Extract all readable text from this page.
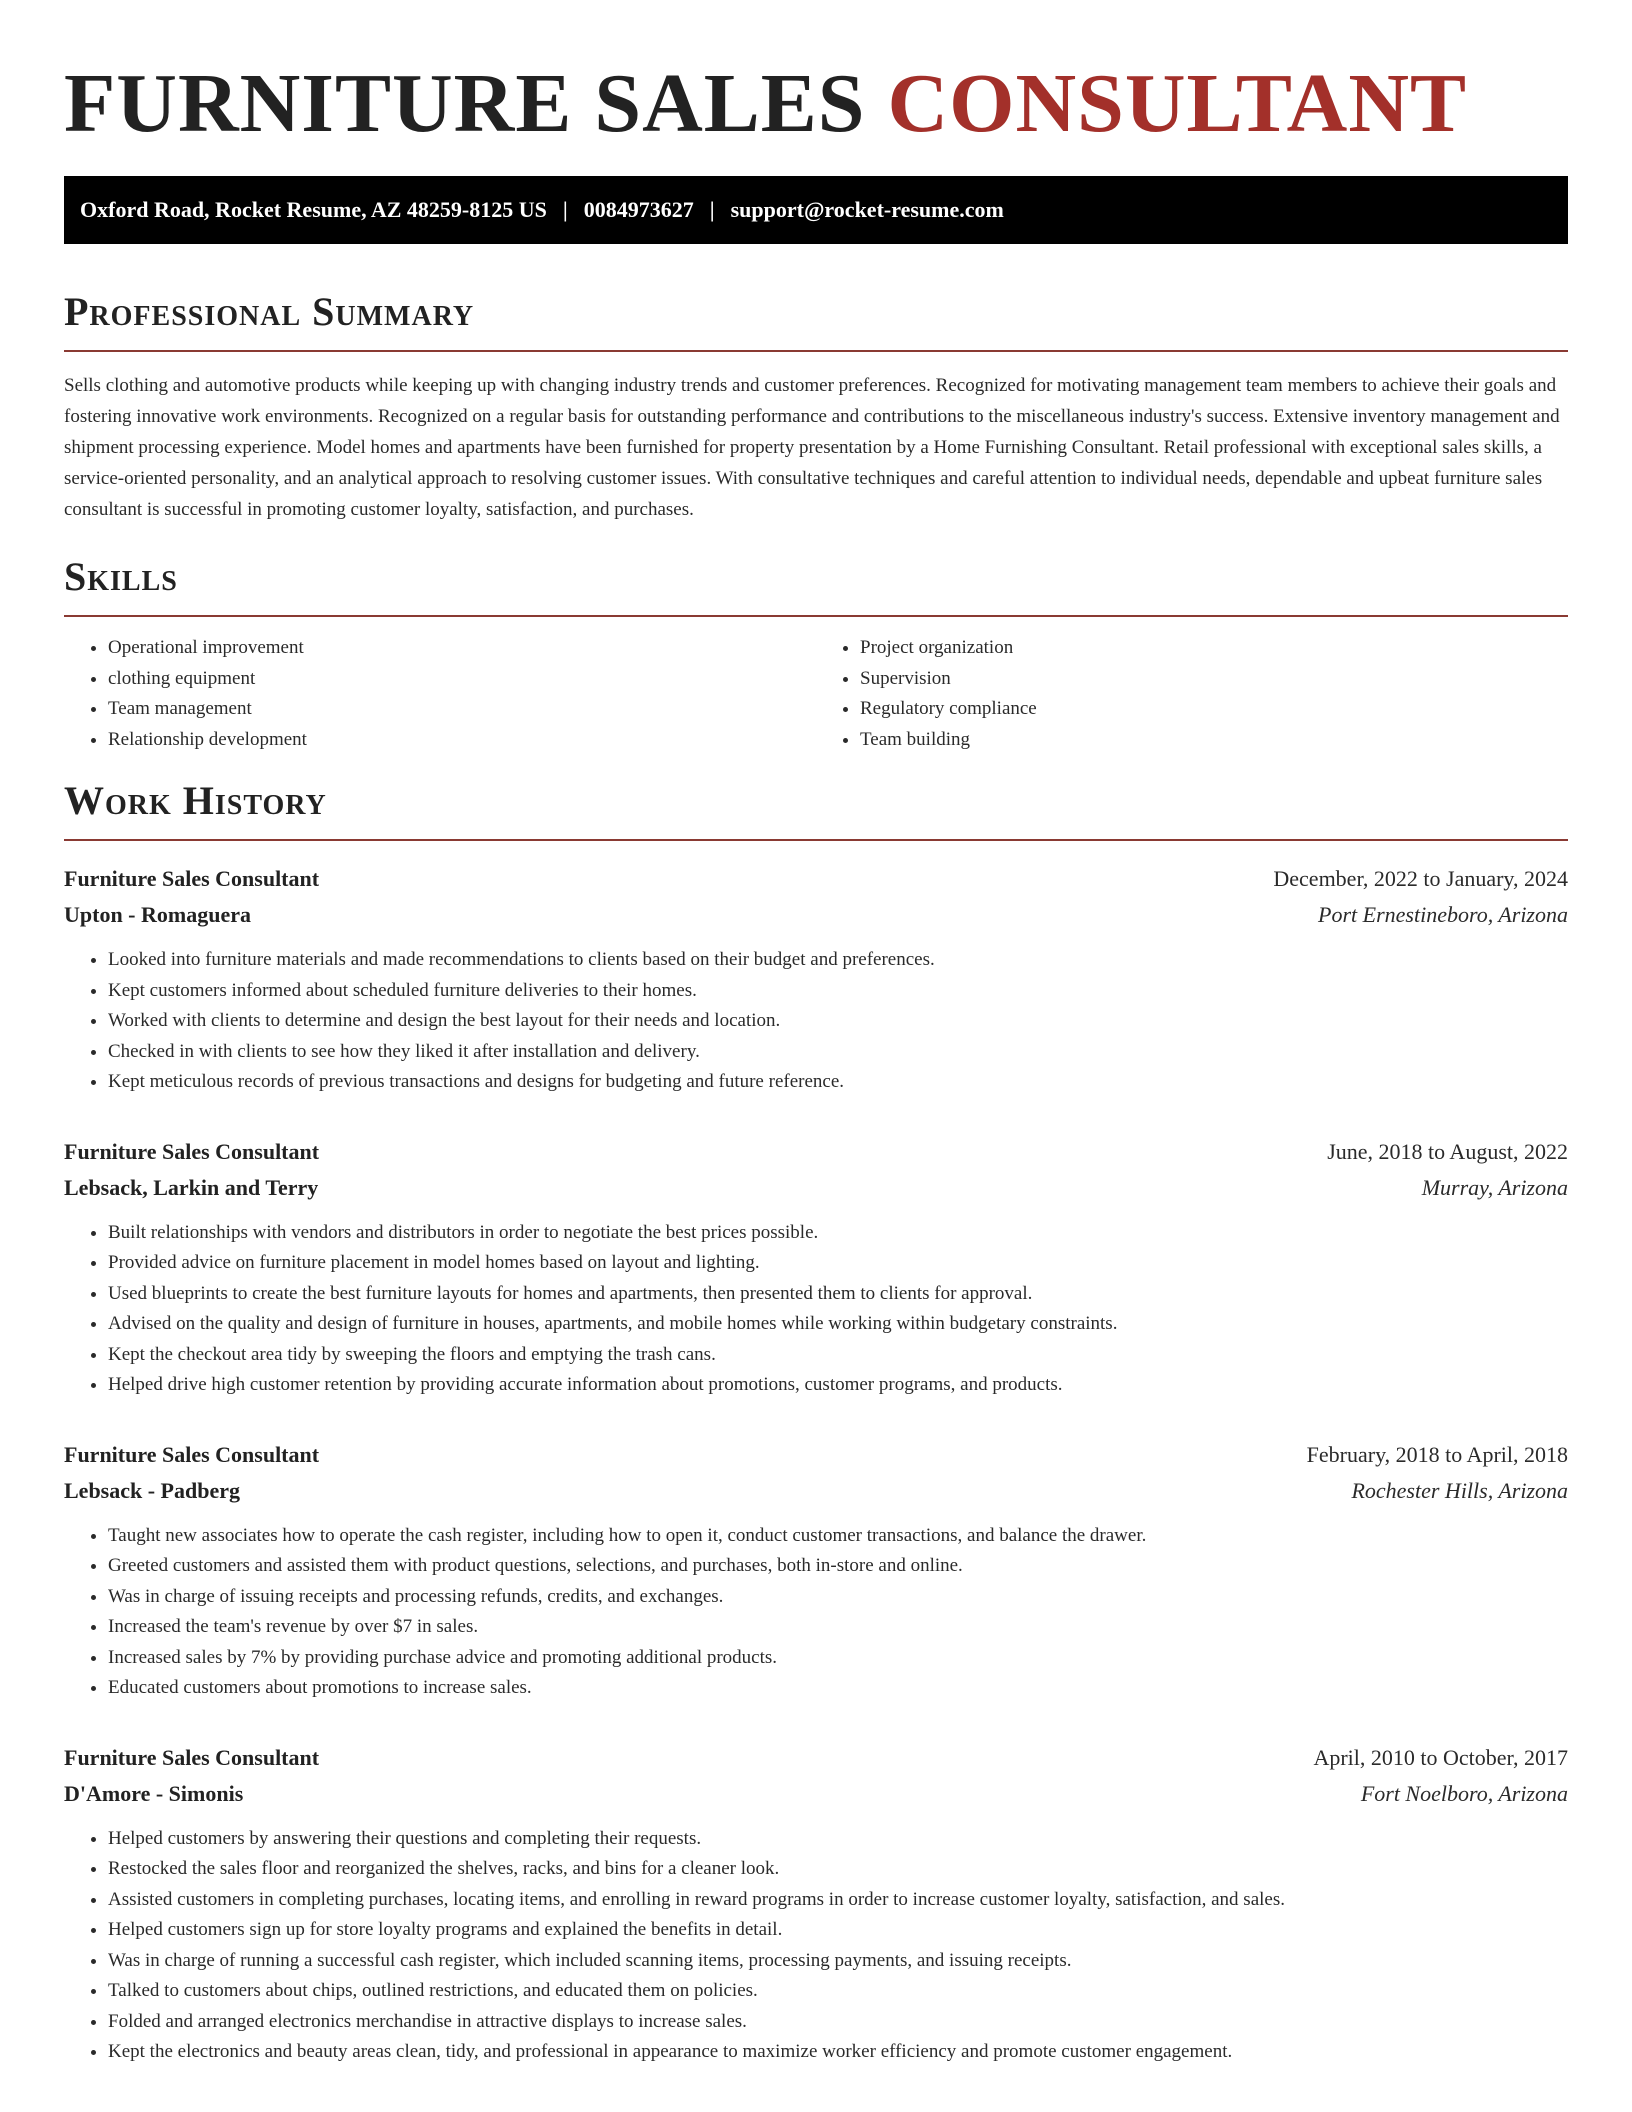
FURNITURE SALES CONSULTANT
Oxford Road, Rocket Resume, AZ 48259-8125 US | 0084973627 | support@rocket-resume.com
Professional Summary

Sells clothing and automotive products while keeping up with changing industry trends and customer preferences. Recognized for motivating management team members to achieve their goals and fostering innovative work environments. Recognized on a regular basis for outstanding performance and contributions to the miscellaneous industry's success. Extensive inventory management and shipment processing experience. Model homes and apartments have been furnished for property presentation by a Home Furnishing Consultant. Retail professional with exceptional sales skills, a service-oriented personality, and an analytical approach to resolving customer issues. With consultative techniques and careful attention to individual needs, dependable and upbeat furniture sales consultant is successful in promoting customer loyalty, satisfaction, and purchases.

Skills
• Operational improvement
• clothing equipment
• Team management
• Relationship development
• Project organization
• Supervision
• Regulatory compliance
• Team building
Work History
Furniture Sales Consultant	December, 2022 to January, 2024
Upton - Romaguera	Port Ernestineboro, Arizona
• Looked into furniture materials and made recommendations to clients based on their budget and preferences.
• Kept customers informed about scheduled furniture deliveries to their homes.
• Worked with clients to determine and design the best layout for their needs and location.
• Checked in with clients to see how they liked it after installation and delivery.
• Kept meticulous records of previous transactions and designs for budgeting and future reference.
Furniture Sales Consultant	June, 2018 to August, 2022
Lebsack, Larkin and Terry	Murray, Arizona
• Built relationships with vendors and distributors in order to negotiate the best prices possible.
• Provided advice on furniture placement in model homes based on layout and lighting.
• Used blueprints to create the best furniture layouts for homes and apartments, then presented them to clients for approval.
• Advised on the quality and design of furniture in houses, apartments, and mobile homes while working within budgetary constraints.
• Kept the checkout area tidy by sweeping the floors and emptying the trash cans.
• Helped drive high customer retention by providing accurate information about promotions, customer programs, and products.
Furniture Sales Consultant	February, 2018 to April, 2018
Lebsack - Padberg	Rochester Hills, Arizona
• Taught new associates how to operate the cash register, including how to open it, conduct customer transactions, and balance the drawer.
• Greeted customers and assisted them with product questions, selections, and purchases, both in-store and online.
• Was in charge of issuing receipts and processing refunds, credits, and exchanges.
• Increased the team's revenue by over $7 in sales.
• Increased sales by 7% by providing purchase advice and promoting additional products.
• Educated customers about promotions to increase sales.
Furniture Sales Consultant	April, 2010 to October, 2017
D'Amore - Simonis	Fort Noelboro, Arizona
• Helped customers by answering their questions and completing their requests.
• Restocked the sales floor and reorganized the shelves, racks, and bins for a cleaner look.
• Assisted customers in completing purchases, locating items, and enrolling in reward programs in order to increase customer loyalty, satisfaction, and sales.
• Helped customers sign up for store loyalty programs and explained the benefits in detail.
• Was in charge of running a successful cash register, which included scanning items, processing payments, and issuing receipts.
• Talked to customers about chips, outlined restrictions, and educated them on policies.
• Folded and arranged electronics merchandise in attractive displays to increase sales.
• Kept the electronics and beauty areas clean, tidy, and professional in appearance to maximize worker efficiency and promote customer engagement.
